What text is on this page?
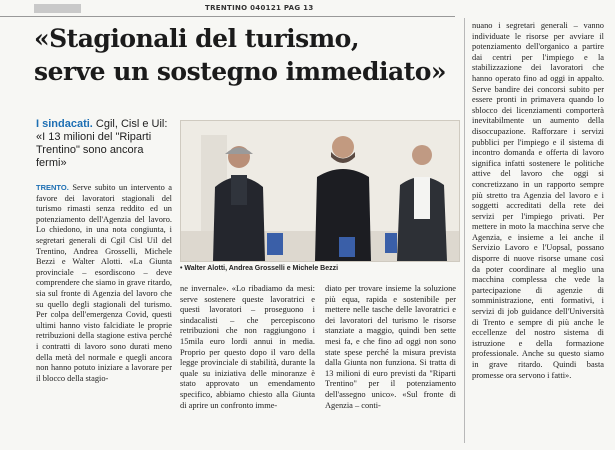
TRENTINO 040121 PAG 13
«Stagionali del turismo,
serve un sostegno immediato»
I sindacati. Cgil, Cisl e Uil: «I 13 milioni del "Riparti Trentino" sono ancora fermi»
• Walter Alotti, Andrea Grosselli e Michele Bezzi

TRENTO. Serve subito un intervento a favore dei lavoratori stagionali del turismo rimasti senza reddito ed un potenziamento dell'Agenzia del lavoro. Lo chiedono, in una nota congiunta, i segretari generali di Cgil Cisl Uil del Trentino, Andrea Grosselli, Michele Bezzi e Walter Alotti. «La Giunta provinciale – esordiscono – deve comprendere che siamo in grave ritardo, sia sul fronte di Agenzia del lavoro che su quello degli stagionali del turismo. Per colpa dell'emergenza Covid, questi ultimi hanno visto falcidiate le proprie retribuzioni della stagione estiva perché i contratti di lavoro sono durati meno della metà del normale e quegli ancora non hanno potuto iniziare a lavorare per il blocco della stagio-

ne invernale». «Lo ribadiamo da mesi: serve sostenere queste lavoratrici e questi lavoratori – proseguono i sindacalisti – che percepiscono retribuzioni che non raggiungono i 15mila euro lordi annui in media. Proprio per questo dopo il varo della legge provinciale di stabilità, durante la quale su iniziativa delle minoranze è stato approvato un emendamento specifico, abbiamo chiesto alla Giunta di aprire un confronto imme-

diato per trovare insieme la soluzione più equa, rapida e sostenibile per mettere nelle tasche delle lavoratrici e dei lavoratori del turismo le risorse stanziate a maggio, quindi ben sette mesi fa, e che fino ad oggi non sono state spese perché la misura prevista dalla Giunta non funziona. Si tratta di 13 milioni di euro previsti da "Riparti Trentino" per il potenziamento dell'assegno unico». «Sul fronte di Agenzia – conti-

nuano i segretari generali – vanno individuate le risorse per avviare il potenziamento dell'organico a partire dai centri per l'impiego e la stabilizzazione dei lavoratori che hanno operato fino ad oggi in appalto. Serve bandire dei concorsi subito per essere pronti in primavera quando lo sblocco dei licenziamenti comporterà inevitabilmente un aumento della disoccupazione. Rafforzare i servizi pubblici per l'impiego e il sistema di incontro domanda e offerta di lavoro significa infatti sostenere le politiche attive del lavoro che oggi si concretizzano in un rapporto sempre più stretto tra Agenzia del lavoro e i soggetti accreditati della rete dei servizi per l'impiego privati. Per mettere in moto la macchina serve che Agenzia, e insieme a lei anche il Servizio Lavoro e l'Uopsal, possano disporre di nuove risorse umane così da poter coordinare al meglio una macchina complessa che vede la partecipazione di agenzie di somministrazione, enti formativi, i servizi di job guidance dell'Università di Trento e sempre di più anche le eccellenze del nostro sistema di istruzione e della formazione professionale. Anche su questo siamo in grave ritardo. Quindi basta promesse ora servono i fatti».
